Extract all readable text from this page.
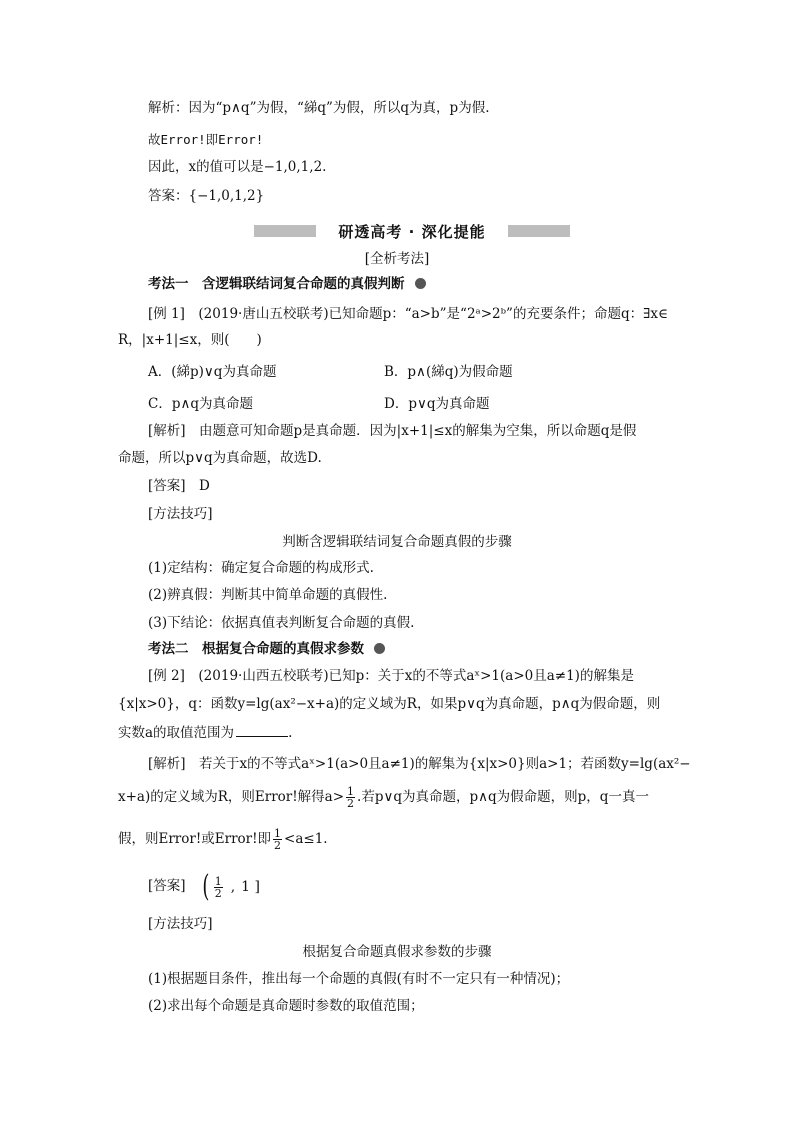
解析：因为“p∧q”为假，“綈q”为假，所以q为真，p为假.
故Error!即Error!
因此，x的值可以是−1,0,1,2.
答案：{−1,0,1,2}
研透高考 · 深化提能
[全析考法]
考法一　含逻辑联结词复合命题的真假判断
[例 1]　(2019·唐山五校联考)已知命题p：“a>b”是“2ᵃ>2ᵇ”的充要条件；命题q：∃x∈
R，|x+1|≤x，则(　　)
A．(綈p)∨q为真命题	B．p∧(綈q)为假命题
C．p∧q为真命题	D．p∨q为真命题
[解析]　由题意可知命题p是真命题．因为|x+1|≤x的解集为空集，所以命题q是假
命题，所以p∨q为真命题，故选D.
[答案]　D
[方法技巧]
判断含逻辑联结词复合命题真假的步骤
(1)定结构：确定复合命题的构成形式.
(2)辨真假：判断其中简单命题的真假性.
(3)下结论：依据真值表判断复合命题的真假.
考法二　根据复合命题的真假求参数
[例 2]　(2019·山西五校联考)已知p：关于x的不等式aˣ>1(a>0且a≠1)的解集是
{x|x>0}，q：函数y=lg(ax²−x+a)的定义域为R，如果p∨q为真命题，p∧q为假命题，则
实数a的取值范围为	.
[解析]　若关于x的不等式aˣ>1(a>0且a≠1)的解集为{x|x>0}则a>1；若函数y=lg(ax²−
x+a)的定义域为R，则Error!解得$a> \frac{1}{2}$ .若p∨q为真命题，p∧q为假命题，则p，q一真一
假，则Error!或Error!即 $\frac{1}{2} <a\le 1$.
[答案] ( $\frac{1}{2}$ , 1 ]
[方法技巧]
根据复合命题真假求参数的步骤
(1)根据题目条件，推出每一个命题的真假(有时不一定只有一种情况)；
(2)求出每个命题是真命题时参数的取值范围；
